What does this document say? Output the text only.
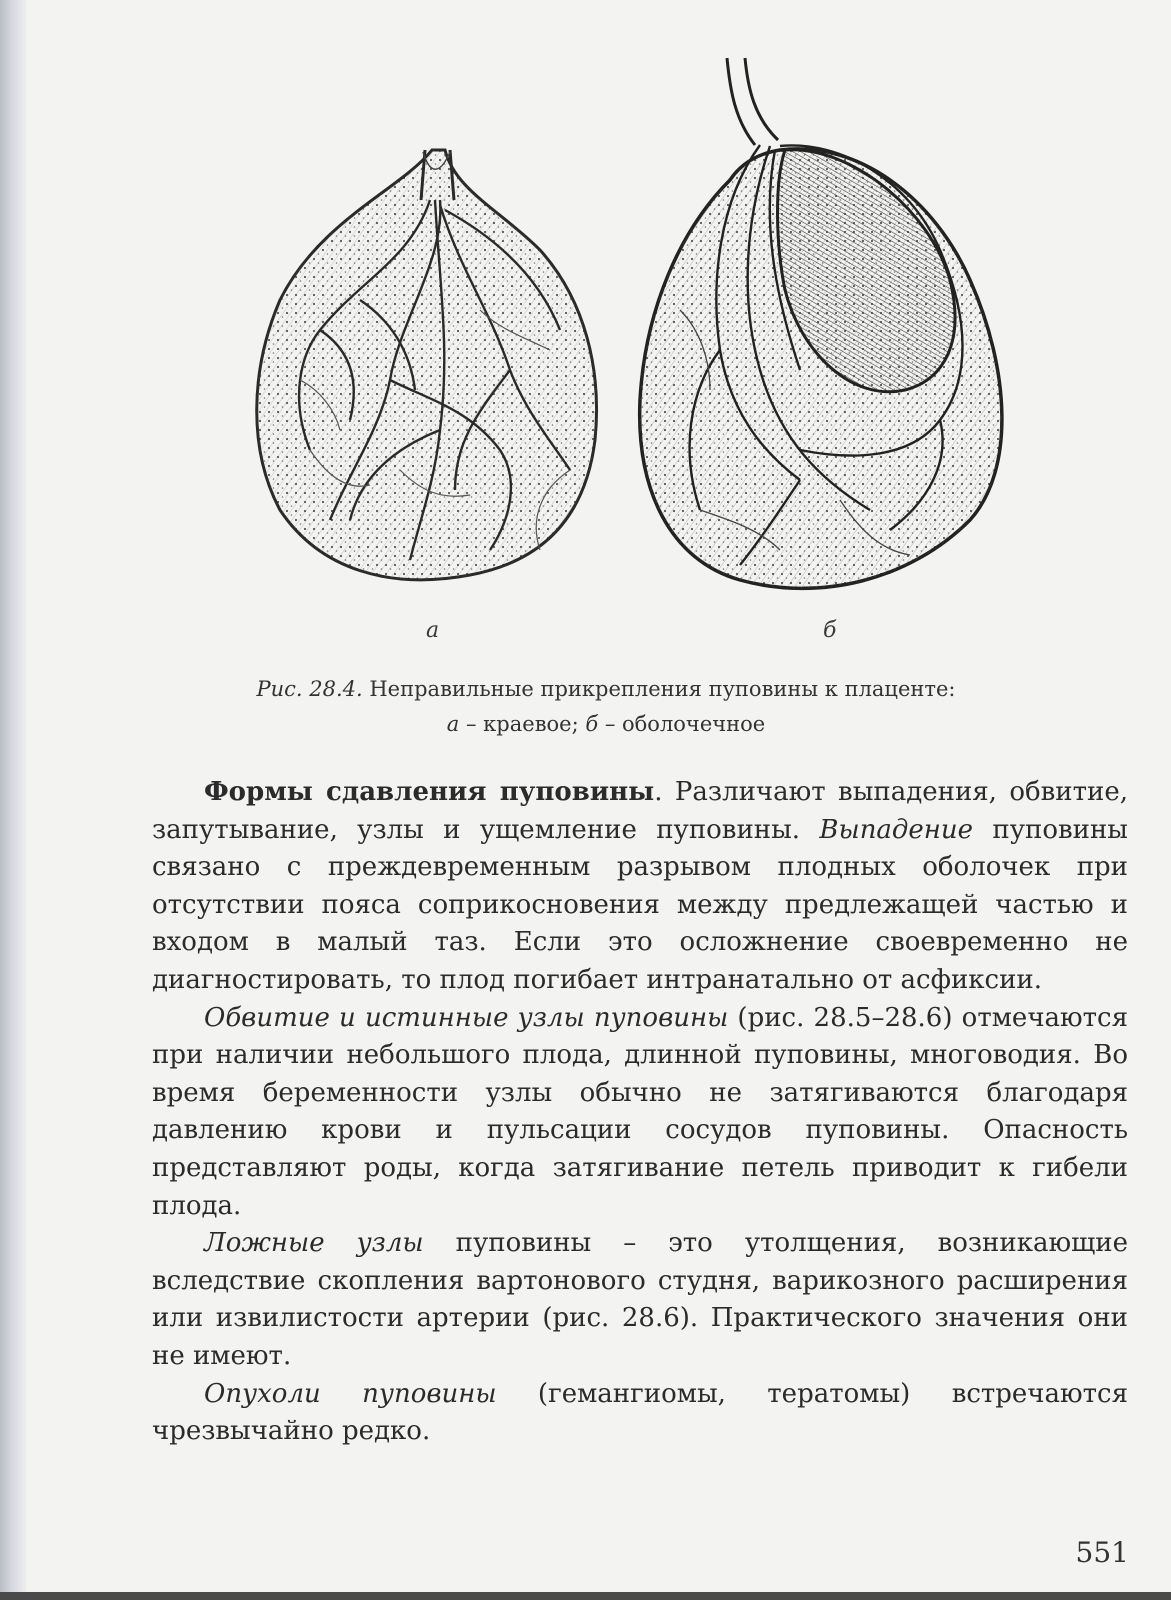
а	б
Рис. 28.4. Неправильные прикрепления пуповины к плаценте:
а – краевое; б – оболочечное

Формы сдавления пуповины. Различают выпадения, обвитие, запутывание, узлы и ущемление пуповины. Выпадение пуповины связано с преждевременным разрывом плодных оболочек при отсутствии пояса соприкосновения между предлежащей частью и входом в малый таз. Если это осложнение своевременно не диагностировать, то плод погибает интранатально от асфиксии.

Обвитие и истинные узлы пуповины (рис. 28.5–28.6) отмечаются при наличии небольшого плода, длинной пуповины, многоводия. Во время беременности узлы обычно не затягиваются благодаря давлению крови и пульсации сосудов пуповины. Опасность представляют роды, когда затягивание петель приводит к гибели плода.

Ложные узлы пуповины – это утолщения, возникающие вследствие скопления вартонового студня, варикозного расширения или извилистости артерии (рис. 28.6). Практического значения они не имеют.

Опухоли пуповины (гемангиомы, тератомы) встречаются чрезвычайно редко.

551
